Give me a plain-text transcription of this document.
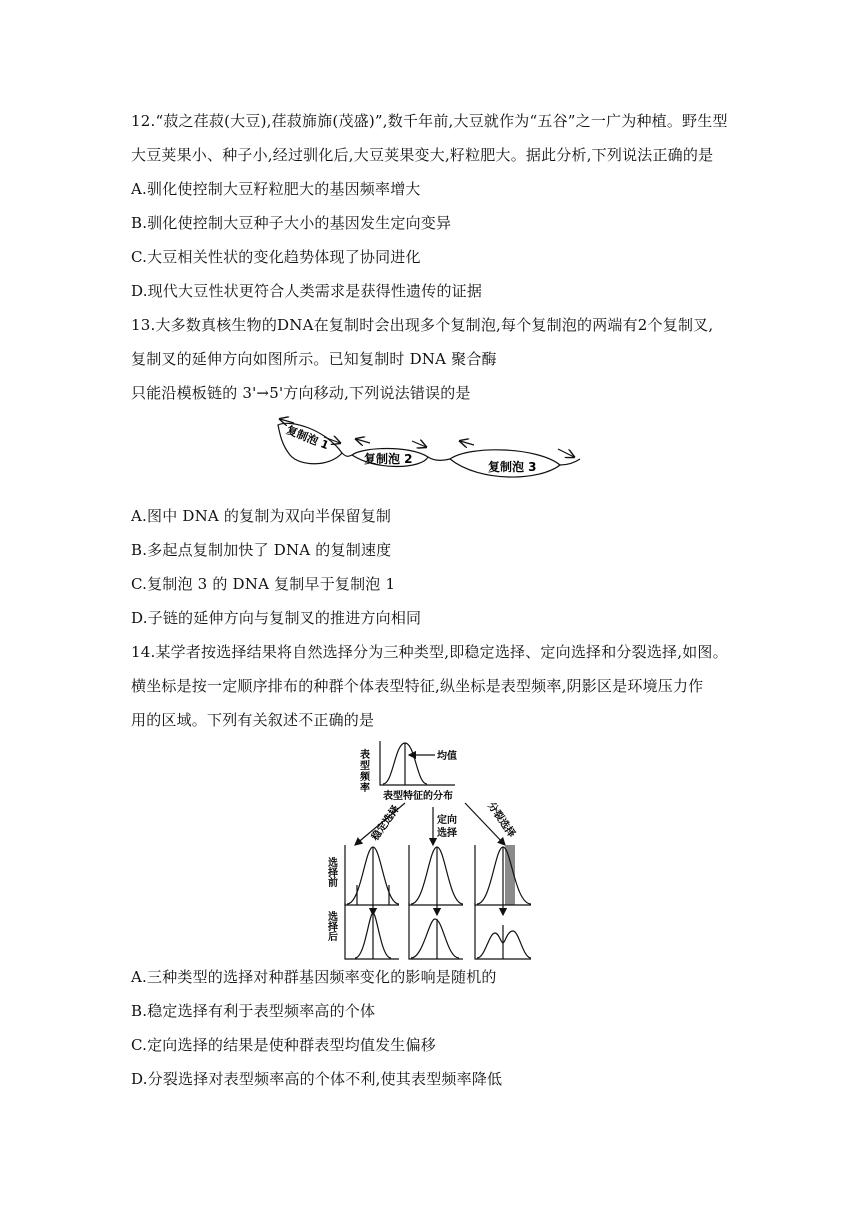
12.“菽之荏菽(大豆),荏菽旆旆(茂盛)”,数千年前,大豆就作为“五谷”之一广为种植。野生型
大豆荚果小、种子小,经过驯化后,大豆荚果变大,籽粒肥大。据此分析,下列说法正确的是
A.驯化使控制大豆籽粒肥大的基因频率增大
B.驯化使控制大豆种子大小的基因发生定向变异
C.大豆相关性状的变化趋势体现了协同进化
D.现代大豆性状更符合人类需求是获得性遗传的证据
13.大多数真核生物的DNA在复制时会出现多个复制泡,每个复制泡的两端有2个复制叉,
复制叉的延伸方向如图所示。已知复制时 DNA 聚合酶
只能沿模板链的 3'→5'方向移动,下列说法错误的是
复制泡 1
复制泡 2
复制泡 3
A.图中 DNA 的复制为双向半保留复制
B.多起点复制加快了 DNA 的复制速度
C.复制泡 3 的 DNA 复制早于复制泡 1
D.子链的延伸方向与复制叉的推进方向相同
14.某学者按选择结果将自然选择分为三种类型,即稳定选择、定向选择和分裂选择,如图。
横坐标是按一定顺序排布的种群个体表型特征,纵坐标是表型频率,阴影区是环境压力作
用的区域。下列有关叙述不正确的是
表型频率	均值
表型特征的分布
稳定选择	定向
选择	分裂选择
选择前
选择后
A.三种类型的选择对种群基因频率变化的影响是随机的
B.稳定选择有利于表型频率高的个体
C.定向选择的结果是使种群表型均值发生偏移
D.分裂选择对表型频率高的个体不利,使其表型频率降低
